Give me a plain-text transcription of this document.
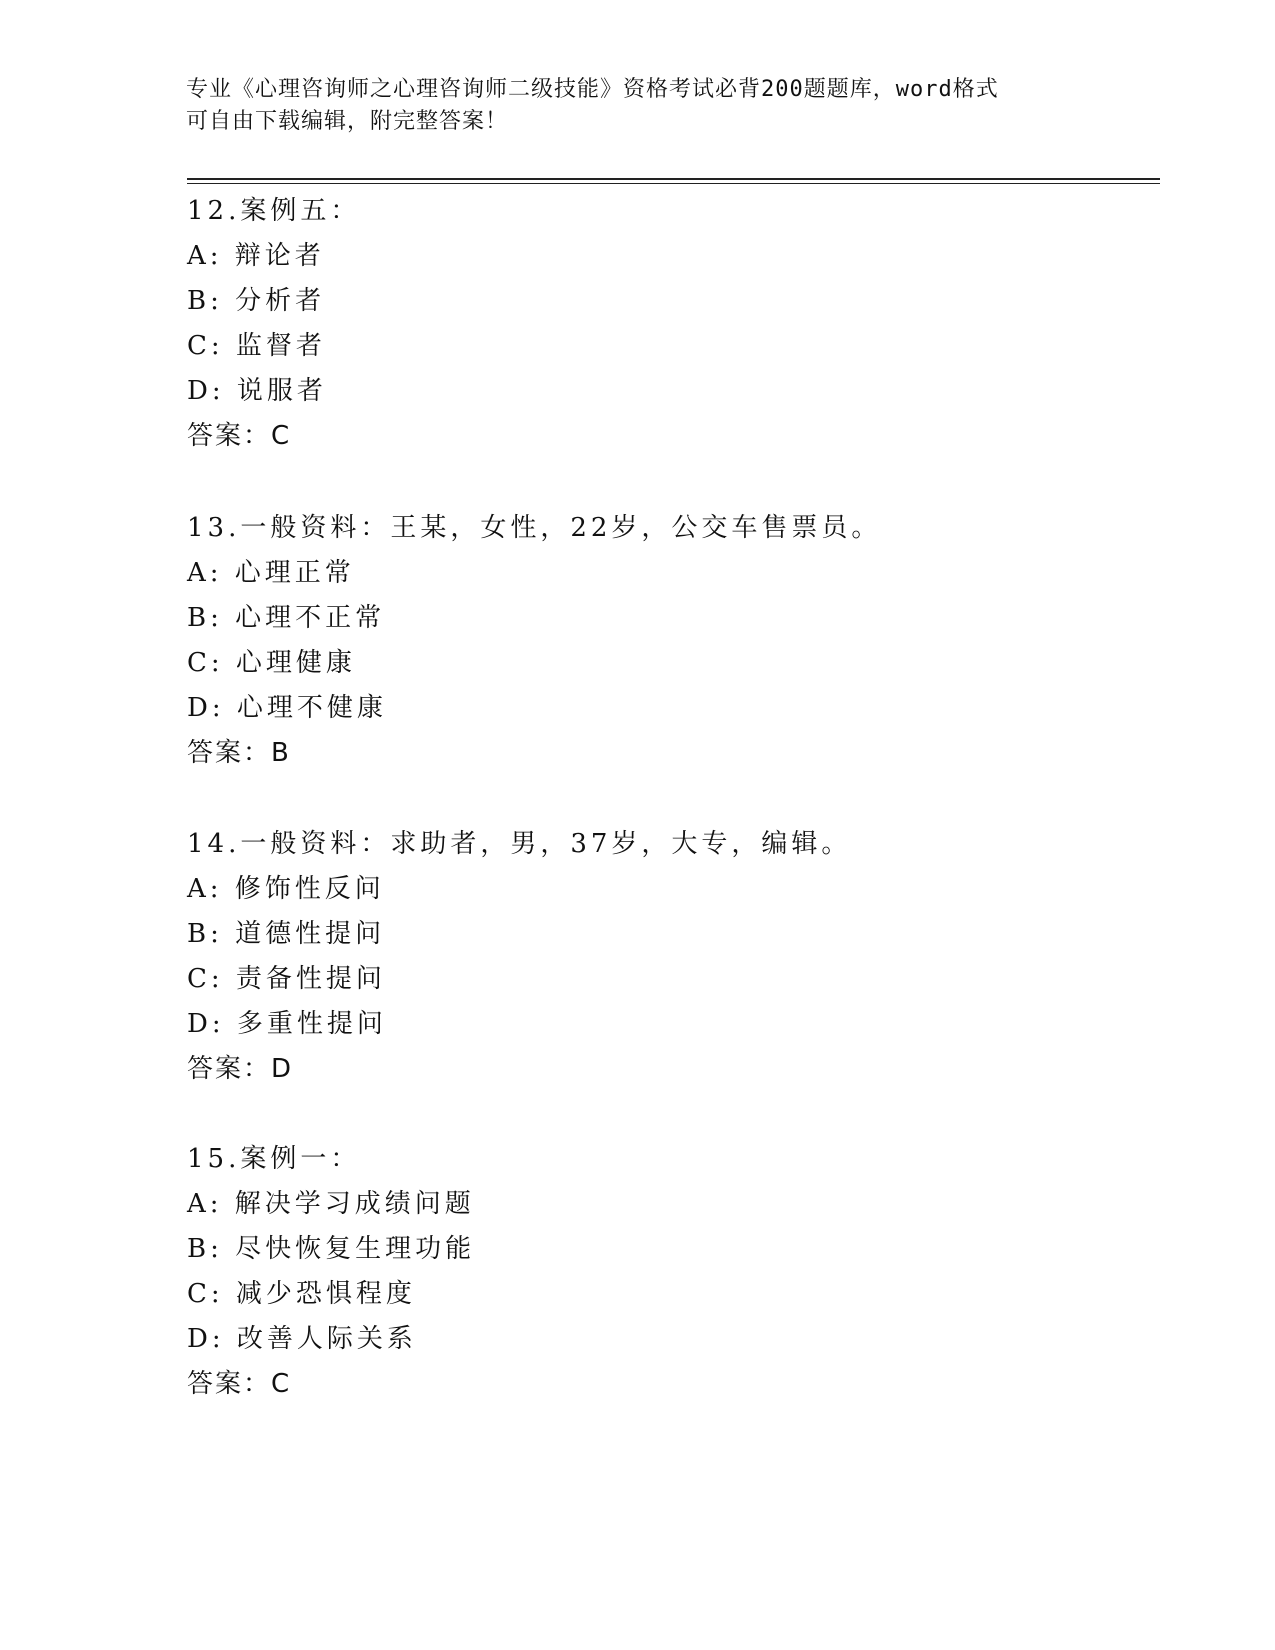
专业《心理咨询师之心理咨询师二级技能》资格考试必背200题题库，word格式
可自由下载编辑，附完整答案！
12.案例五：
A: 辩论者
B: 分析者
C: 监督者
D: 说服者
答案：C
13.一般资料：王某，女性，22岁，公交车售票员。
A: 心理正常
B: 心理不正常
C: 心理健康
D: 心理不健康
答案：B
14.一般资料：求助者，男，37岁，大专，编辑。
A: 修饰性反问
B: 道德性提问
C: 责备性提问
D: 多重性提问
答案：D
15.案例一：
A: 解决学习成绩问题
B: 尽快恢复生理功能
C: 减少恐惧程度
D: 改善人际关系
答案：C
